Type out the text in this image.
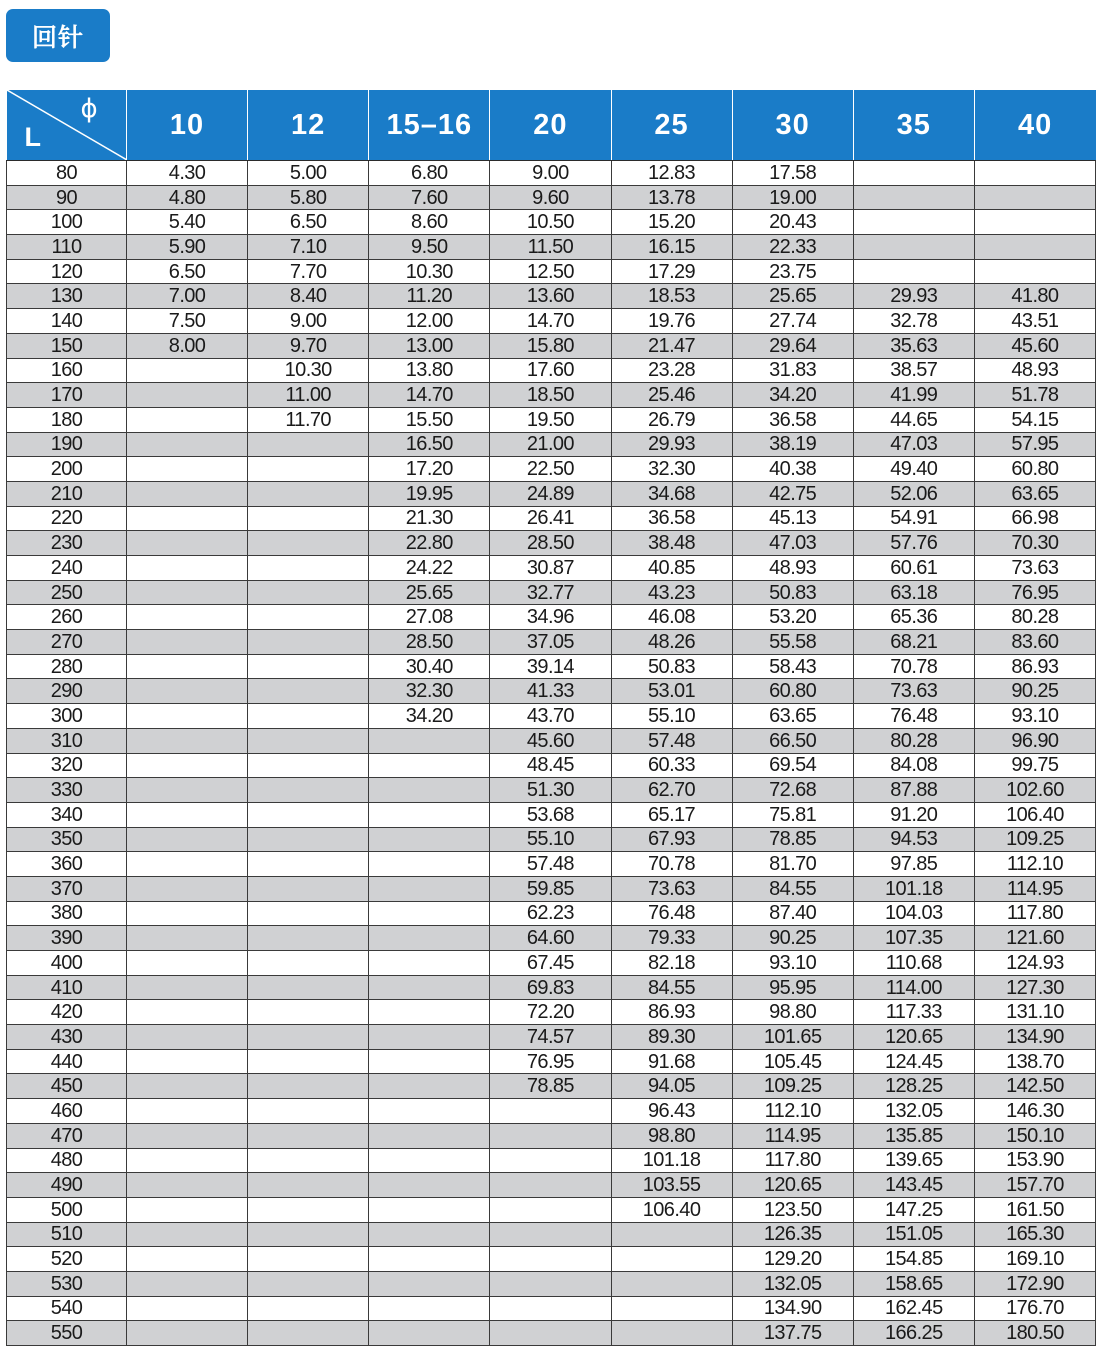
回针
ϕ
L	10	12	15–16	20	25	30	35	40
80	4.30	5.00	6.80	9.00	12.83	17.58		
90	4.80	5.80	7.60	9.60	13.78	19.00		
100	5.40	6.50	8.60	10.50	15.20	20.43		
110	5.90	7.10	9.50	11.50	16.15	22.33		
120	6.50	7.70	10.30	12.50	17.29	23.75		
130	7.00	8.40	11.20	13.60	18.53	25.65	29.93	41.80
140	7.50	9.00	12.00	14.70	19.76	27.74	32.78	43.51
150	8.00	9.70	13.00	15.80	21.47	29.64	35.63	45.60
160		10.30	13.80	17.60	23.28	31.83	38.57	48.93
170		11.00	14.70	18.50	25.46	34.20	41.99	51.78
180		11.70	15.50	19.50	26.79	36.58	44.65	54.15
190			16.50	21.00	29.93	38.19	47.03	57.95
200			17.20	22.50	32.30	40.38	49.40	60.80
210			19.95	24.89	34.68	42.75	52.06	63.65
220			21.30	26.41	36.58	45.13	54.91	66.98
230			22.80	28.50	38.48	47.03	57.76	70.30
240			24.22	30.87	40.85	48.93	60.61	73.63
250			25.65	32.77	43.23	50.83	63.18	76.95
260			27.08	34.96	46.08	53.20	65.36	80.28
270			28.50	37.05	48.26	55.58	68.21	83.60
280			30.40	39.14	50.83	58.43	70.78	86.93
290			32.30	41.33	53.01	60.80	73.63	90.25
300			34.20	43.70	55.10	63.65	76.48	93.10
310				45.60	57.48	66.50	80.28	96.90
320				48.45	60.33	69.54	84.08	99.75
330				51.30	62.70	72.68	87.88	102.60
340				53.68	65.17	75.81	91.20	106.40
350				55.10	67.93	78.85	94.53	109.25
360				57.48	70.78	81.70	97.85	112.10
370				59.85	73.63	84.55	101.18	114.95
380				62.23	76.48	87.40	104.03	117.80
390				64.60	79.33	90.25	107.35	121.60
400				67.45	82.18	93.10	110.68	124.93
410				69.83	84.55	95.95	114.00	127.30
420				72.20	86.93	98.80	117.33	131.10
430				74.57	89.30	101.65	120.65	134.90
440				76.95	91.68	105.45	124.45	138.70
450				78.85	94.05	109.25	128.25	142.50
460					96.43	112.10	132.05	146.30
470					98.80	114.95	135.85	150.10
480					101.18	117.80	139.65	153.90
490					103.55	120.65	143.45	157.70
500					106.40	123.50	147.25	161.50
510						126.35	151.05	165.30
520						129.20	154.85	169.10
530						132.05	158.65	172.90
540						134.90	162.45	176.70
550						137.75	166.25	180.50
